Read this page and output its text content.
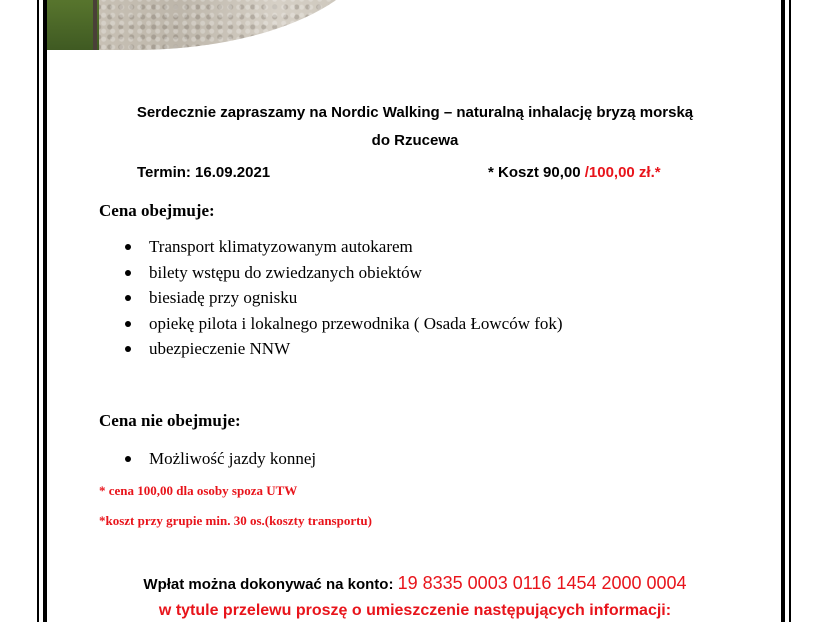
Serdecznie zapraszamy na Nordic Walking – naturalną inhalację bryzą morską
do Rzucewa
Termin: 16.09.2021	* Koszt 90,00 /100,00 zł.*
Cena obejmuje:
Transport klimatyzowanym autokarem
bilety wstępu do zwiedzanych obiektów
biesiadę przy ognisku
opiekę pilota i lokalnego przewodnika ( Osada Łowców fok)
ubezpieczenie NNW
Cena nie obejmuje:
Możliwość jazdy konnej
* cena 100,00 dla osoby spoza UTW
*koszt przy grupie min. 30 os.(koszty transportu)
Wpłat można dokonywać na konto: 19 8335 0003 0116 1454 2000 0004
w tytule przelewu proszę o umieszczenie następujących informacji:
